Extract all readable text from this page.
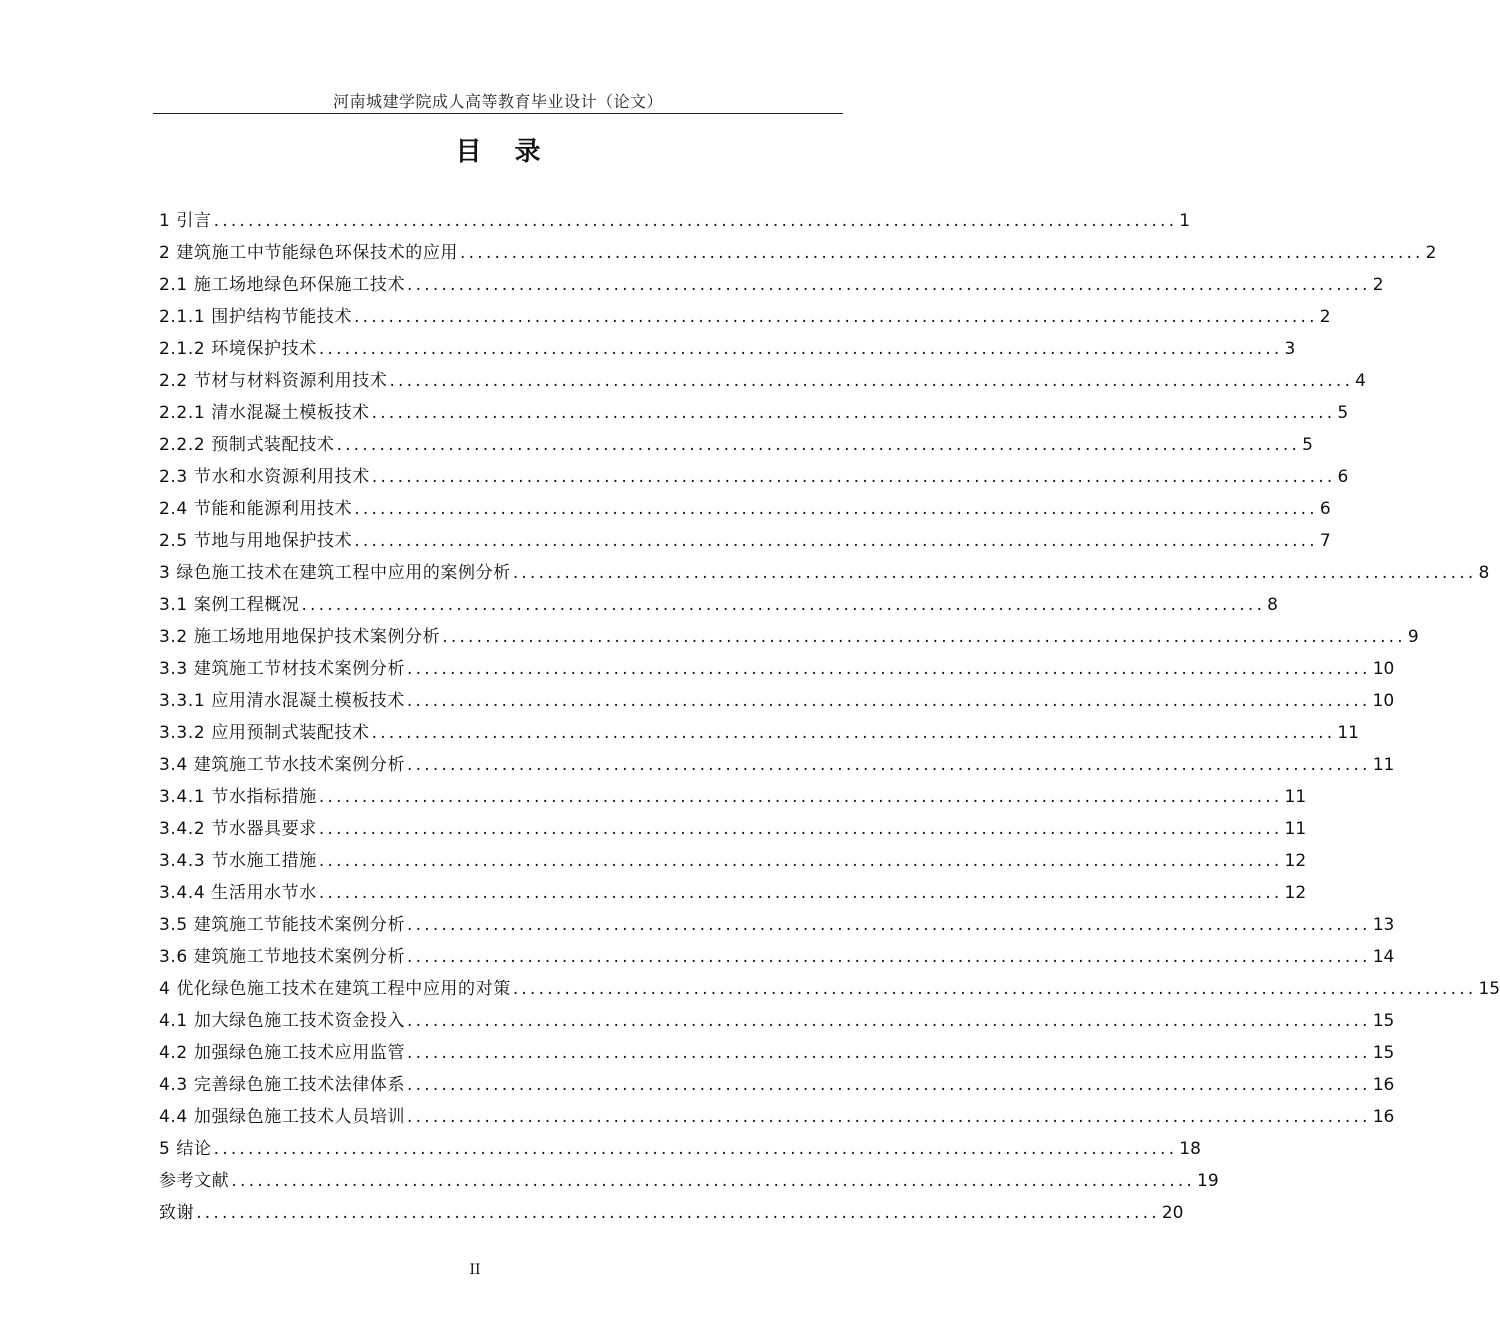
河南城建学院成人高等教育毕业设计（论文）
目 录
1 引言 ................................................................................................................ 1
2 建筑施工中节能绿色环保技术的应用 ................................................................................................................ 2
2.1 施工场地绿色环保施工技术 ................................................................................................................ 2
2.1.1 围护结构节能技术 ................................................................................................................ 2
2.1.2 环境保护技术 ................................................................................................................ 3
2.2 节材与材料资源利用技术 ................................................................................................................ 4
2.2.1 清水混凝土模板技术 ................................................................................................................ 5
2.2.2 预制式装配技术 ................................................................................................................ 5
2.3 节水和水资源利用技术 ................................................................................................................ 6
2.4 节能和能源利用技术 ................................................................................................................ 6
2.5 节地与用地保护技术 ................................................................................................................ 7
3 绿色施工技术在建筑工程中应用的案例分析 ................................................................................................................ 8
3.1 案例工程概况 ................................................................................................................ 8
3.2 施工场地用地保护技术案例分析 ................................................................................................................ 9
3.3 建筑施工节材技术案例分析 ................................................................................................................ 10
3.3.1 应用清水混凝土模板技术 ................................................................................................................ 10
3.3.2 应用预制式装配技术 ................................................................................................................ 11
3.4 建筑施工节水技术案例分析 ................................................................................................................ 11
3.4.1 节水指标措施 ................................................................................................................ 11
3.4.2 节水器具要求 ................................................................................................................ 11
3.4.3 节水施工措施 ................................................................................................................ 12
3.4.4 生活用水节水 ................................................................................................................ 12
3.5 建筑施工节能技术案例分析 ................................................................................................................ 13
3.6 建筑施工节地技术案例分析 ................................................................................................................ 14
4 优化绿色施工技术在建筑工程中应用的对策 ................................................................................................................ 15
4.1 加大绿色施工技术资金投入 ................................................................................................................ 15
4.2 加强绿色施工技术应用监管 ................................................................................................................ 15
4.3 完善绿色施工技术法律体系 ................................................................................................................ 16
4.4 加强绿色施工技术人员培训 ................................................................................................................ 16
5 结论 ................................................................................................................ 18
参考文献 ................................................................................................................ 19
致谢 ................................................................................................................ 20
II
